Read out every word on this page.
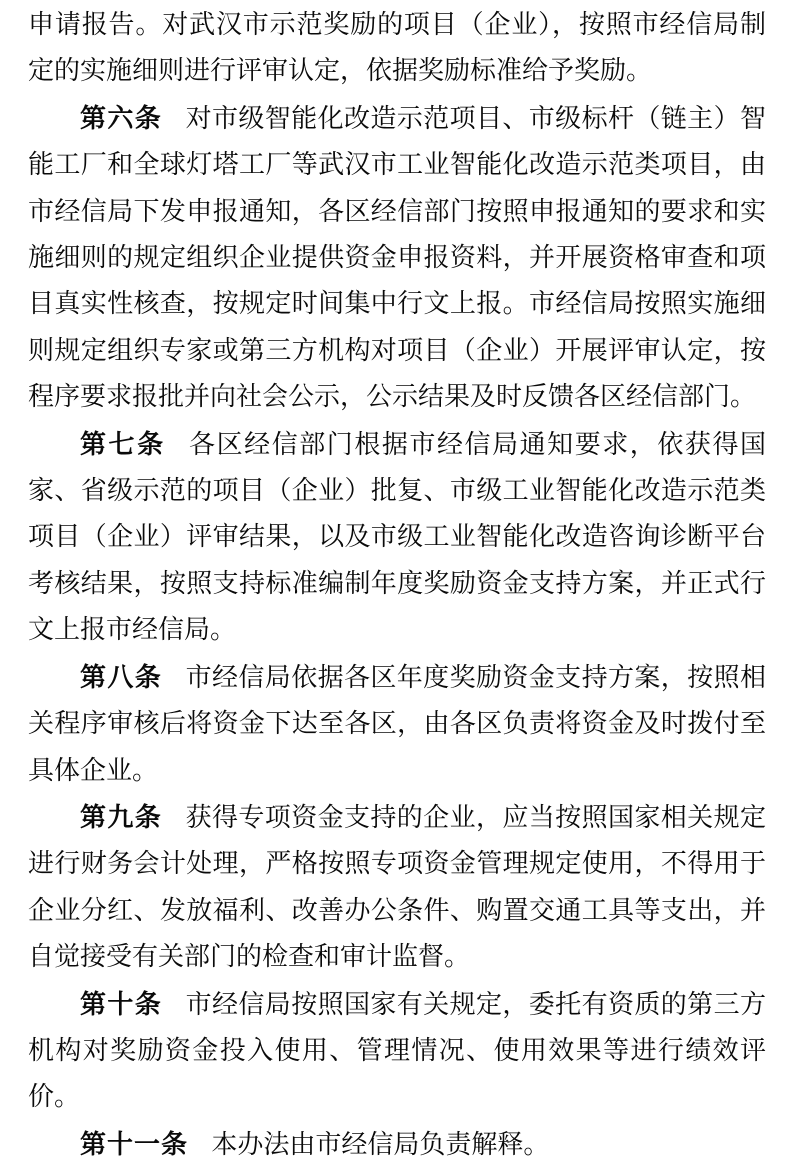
申请报告。对武汉市示范奖励的项目（企业），按照市经信局制定的实施细则进行评审认定，依据奖励标准给予奖励。

第六条 对市级智能化改造示范项目、市级标杆（链主）智能工厂和全球灯塔工厂等武汉市工业智能化改造示范类项目，由市经信局下发申报通知，各区经信部门按照申报通知的要求和实施细则的规定组织企业提供资金申报资料，并开展资格审查和项目真实性核查，按规定时间集中行文上报。市经信局按照实施细则规定组织专家或第三方机构对项目（企业）开展评审认定，按程序要求报批并向社会公示，公示结果及时反馈各区经信部门。

第七条 各区经信部门根据市经信局通知要求，依获得国家、省级示范的项目（企业）批复、市级工业智能化改造示范类项目（企业）评审结果，以及市级工业智能化改造咨询诊断平台考核结果，按照支持标准编制年度奖励资金支持方案，并正式行文上报市经信局。

第八条 市经信局依据各区年度奖励资金支持方案，按照相关程序审核后将资金下达至各区，由各区负责将资金及时拨付至具体企业。

第九条 获得专项资金支持的企业，应当按照国家相关规定进行财务会计处理，严格按照专项资金管理规定使用，不得用于企业分红、发放福利、改善办公条件、购置交通工具等支出，并自觉接受有关部门的检查和审计监督。

第十条 市经信局按照国家有关规定，委托有资质的第三方机构对奖励资金投入使用、管理情况、使用效果等进行绩效评价。

第十一条 本办法由市经信局负责解释。
